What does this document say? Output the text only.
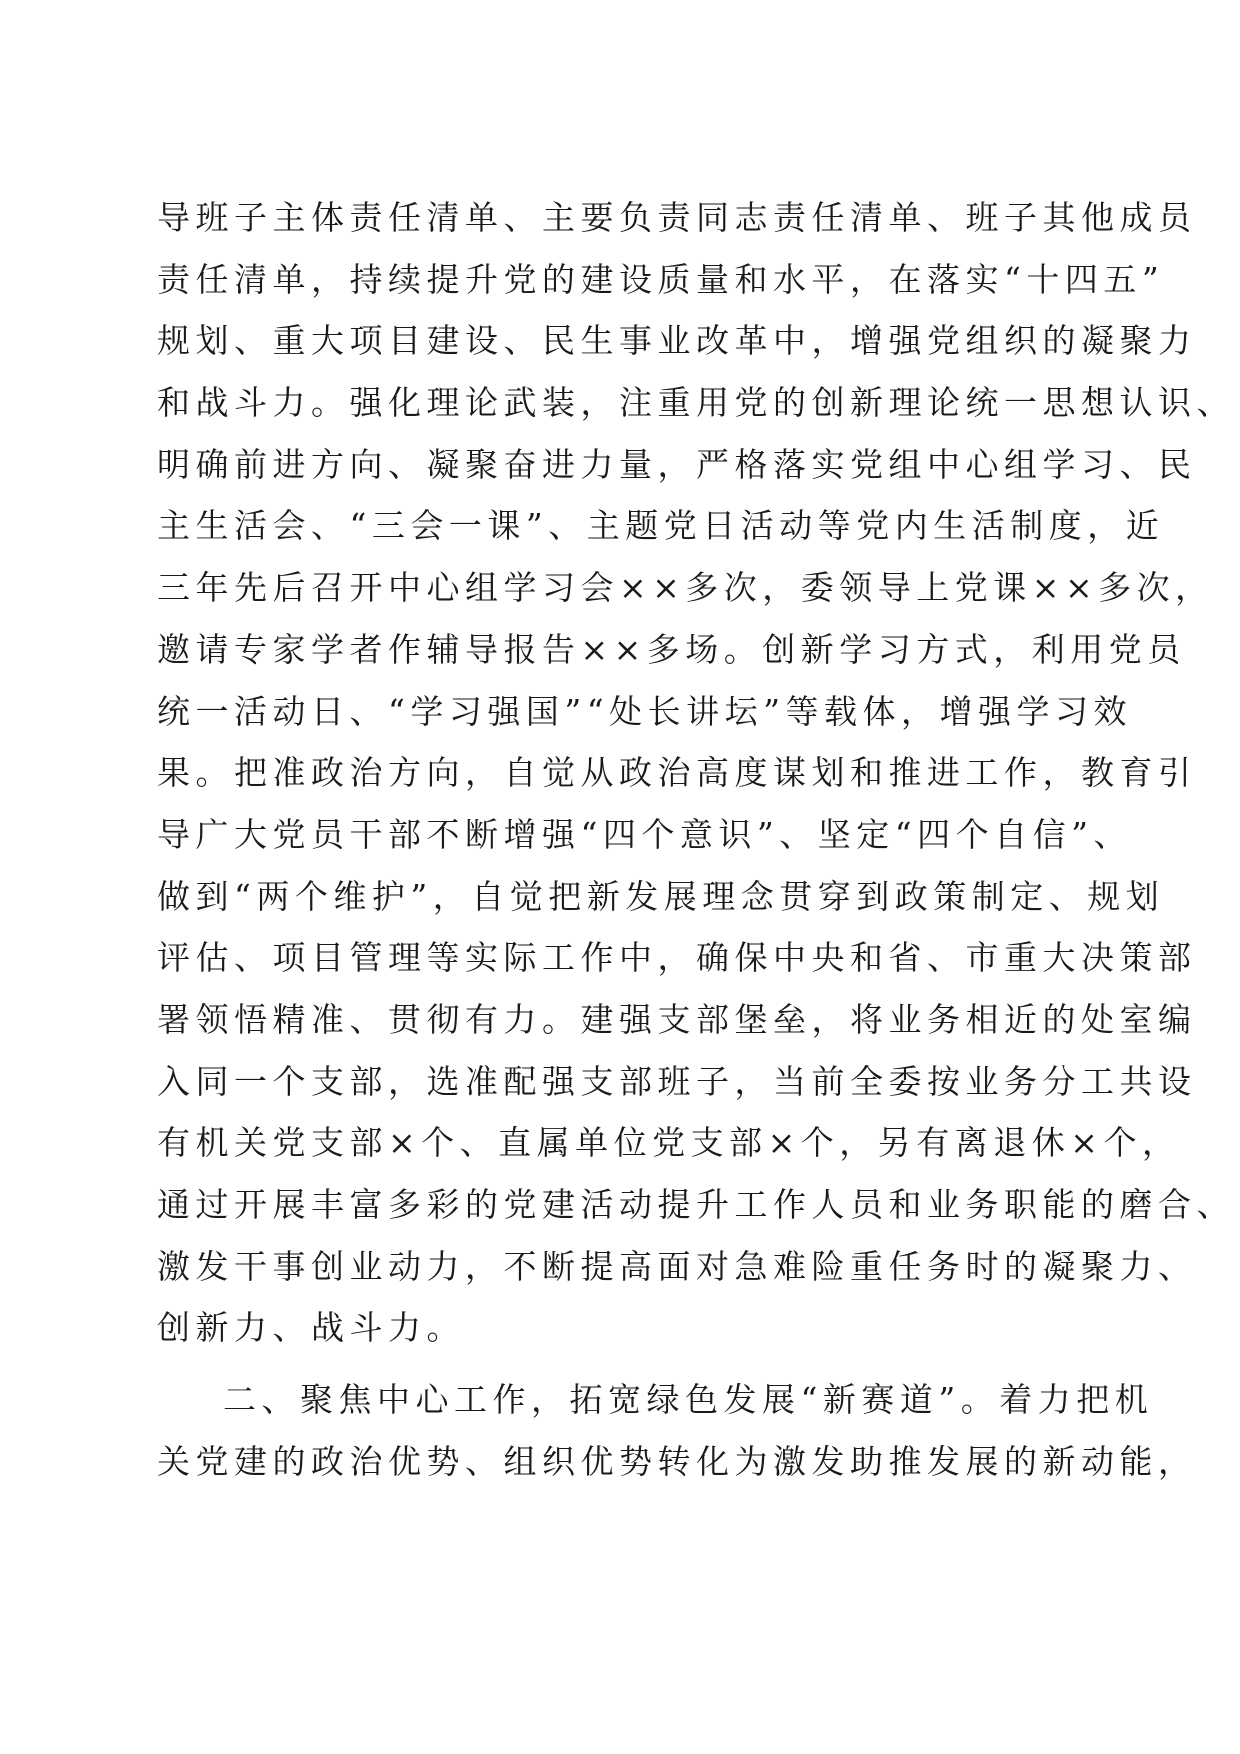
导班子主体责任清单、主要负责同志责任清单、班子其他成员
责任清单，持续提升党的建设质量和水平，在落实“十四五”
规划、重大项目建设、民生事业改革中，增强党组织的凝聚力
和战斗力。强化理论武装，注重用党的创新理论统一思想认识、
明确前进方向、凝聚奋进力量，严格落实党组中心组学习、民
主生活会、“三会一课”、主题党日活动等党内生活制度，近
三年先后召开中心组学习会××多次，委领导上党课××多次，
邀请专家学者作辅导报告××多场。创新学习方式，利用党员
统一活动日、“学习强国”“处长讲坛”等载体，增强学习效
果。把准政治方向，自觉从政治高度谋划和推进工作，教育引
导广大党员干部不断增强“四个意识”、坚定“四个自信”、
做到“两个维护”，自觉把新发展理念贯穿到政策制定、规划
评估、项目管理等实际工作中，确保中央和省、市重大决策部
署领悟精准、贯彻有力。建强支部堡垒，将业务相近的处室编
入同一个支部，选准配强支部班子，当前全委按业务分工共设
有机关党支部×个、直属单位党支部×个，另有离退休×个，
通过开展丰富多彩的党建活动提升工作人员和业务职能的磨合、
激发干事创业动力，不断提高面对急难险重任务时的凝聚力、
创新力、战斗力。
二、聚焦中心工作，拓宽绿色发展“新赛道”。着力把机
关党建的政治优势、组织优势转化为激发助推发展的新动能，
